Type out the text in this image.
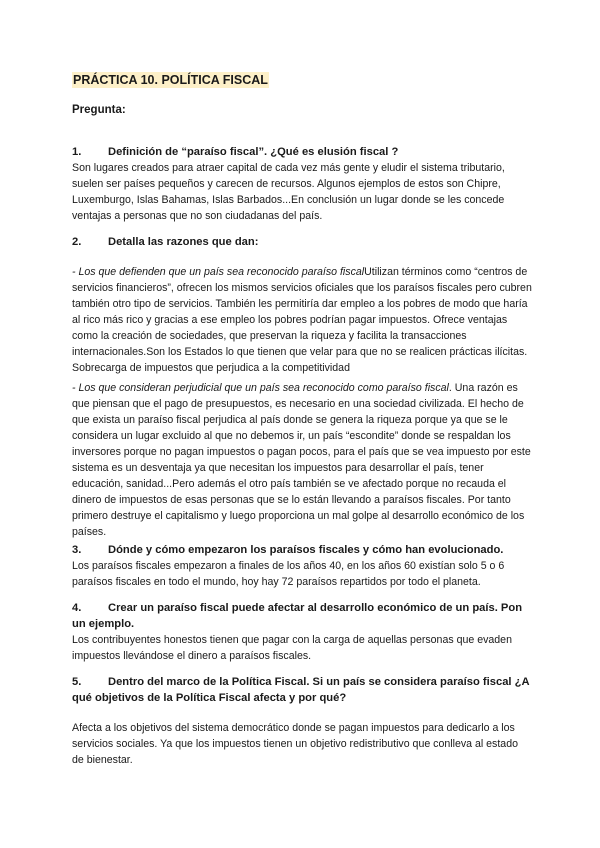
PRÁCTICA 10. POLÍTICA FISCAL
Pregunta:
1.	Definición de “paraíso fiscal”. ¿Qué es elusión fiscal ?

Son lugares creados para atraer capital de cada vez más gente y eludir el sistema tributario, suelen ser países pequeños y carecen de recursos. Algunos ejemplos de estos son Chipre, Luxemburgo, Islas Bahamas, Islas Barbados...En conclusión un lugar donde se les concede ventajas a personas que no son ciudadanas del país.

2.	Detalla las razones que dan:

- Los que defienden que un país sea reconocido paraíso fiscalUtilizan términos como “centros de servicios financieros”, ofrecen los mismos servicios oficiales que los paraísos fiscales pero cubren también otro tipo de servicios. También les permitiría dar empleo a los pobres de modo que haría al rico más rico y gracias a ese empleo los pobres podrían pagar impuestos. Ofrece ventajas como la creación de sociedades, que preservan la riqueza y facilita la transacciones internacionales.Son los Estados lo que tienen que velar para que no se realicen prácticas ilícitas. Sobrecarga de impuestos que perjudica a la competitividad

- Los que consideran perjudicial que un país sea reconocido como paraíso fiscal. Una razón es que piensan que el pago de presupuestos, es necesario en una sociedad civilizada. El hecho de que exista un paraíso fiscal perjudica al país donde se genera la riqueza porque ya que se le considera un lugar excluido al que no debemos ir, un país “escondite” donde se respaldan los inversores porque no pagan impuestos o pagan pocos, para el país que se vea impuesto por este sistema es un desventaja ya que necesitan los impuestos para desarrollar el país, tener educación, sanidad...Pero además el otro país también se ve afectado porque no recauda el dinero de impuestos de esas personas que se lo están llevando a paraísos fiscales. Por tanto primero destruye el capitalismo y luego proporciona un mal golpe al desarrollo económico de los países.

3.	Dónde y cómo empezaron los paraísos fiscales y cómo han evolucionado.

Los paraísos fiscales empezaron a finales de los años 40, en los años 60 existían solo 5 o 6 paraísos fiscales en todo el mundo, hoy hay 72 paraísos repartidos por todo el planeta.

4. Crear un paraíso fiscal puede afectar al desarrollo económico de un país. Pon un ejemplo.

Los contribuyentes honestos tienen que pagar con la carga de aquellas personas que evaden impuestos llevándose el dinero a paraísos fiscales.

5. Dentro del marco de la Política Fiscal. Si un país se considera paraíso fiscal ¿A qué objetivos de la Política Fiscal afecta y por qué?

Afecta a los objetivos del sistema democrático donde se pagan impuestos para dedicarlo a los servicios sociales. Ya que los impuestos tienen un objetivo redistributivo que conlleva al estado de bienestar.
